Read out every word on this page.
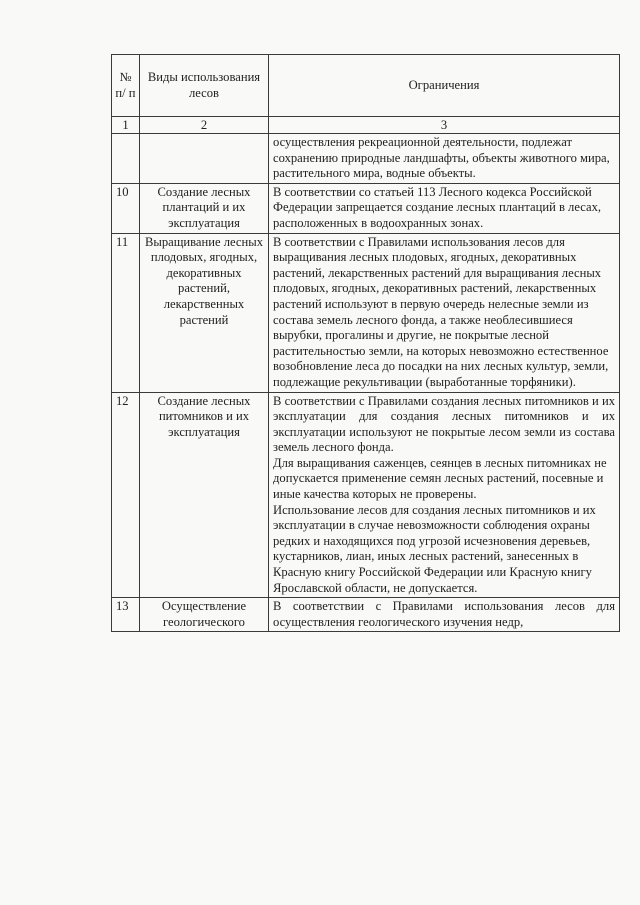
№ п/ п	Виды использования лесов	Ограничения
1	2	3

		осуществления рекреационной деятельности, подлежат сохранению природные ландшафты, объекты животного мира, растительного мира, водные объекты.

10	Создание лесных плантаций и их эксплуатация	В соответствии со статьей 113 Лесного кодекса Российской Федерации запрещается создание лесных плантаций в лесах, расположенных в водоохранных зонах.

11	Выращивание лесных плодовых, ягодных, декоративных растений, лекарственных растений	В соответствии с Правилами использования лесов для выращивания лесных плодовых, ягодных, декоративных растений, лекарственных растений для выращивания лесных плодовых, ягодных, декоративных растений, лекарственных растений используют в первую очередь нелесные земли из состава земель лесного фонда, а также необлесившиеся вырубки, прогалины и другие, не покрытые лесной растительностью земли, на которых невозможно естественное возобновление леса до посадки на них лесных культур, земли, подлежащие рекультивации (выработанные торфяники).

12	Создание лесных питомников и их эксплуатация	В соответствии с Правилами создания лесных питомников и их эксплуатации для создания лесных питомников и их эксплуатации используют не покрытые лесом земли из состава земель лесного фонда.
Для выращивания саженцев, сеянцев в лесных питомниках не допускается применение семян лесных растений, посевные и иные качества которых не проверены.
Использование лесов для создания лесных питомников и их эксплуатации в случае невозможности соблюдения охраны редких и находящихся под угрозой исчезновения деревьев, кустарников, лиан, иных лесных растений, занесенных в Красную книгу Российской Федерации или Красную книгу Ярославской области, не допускается.

13	Осуществление геологического	В соответствии с Правилами использования лесов для осуществления геологического изучения недр,
